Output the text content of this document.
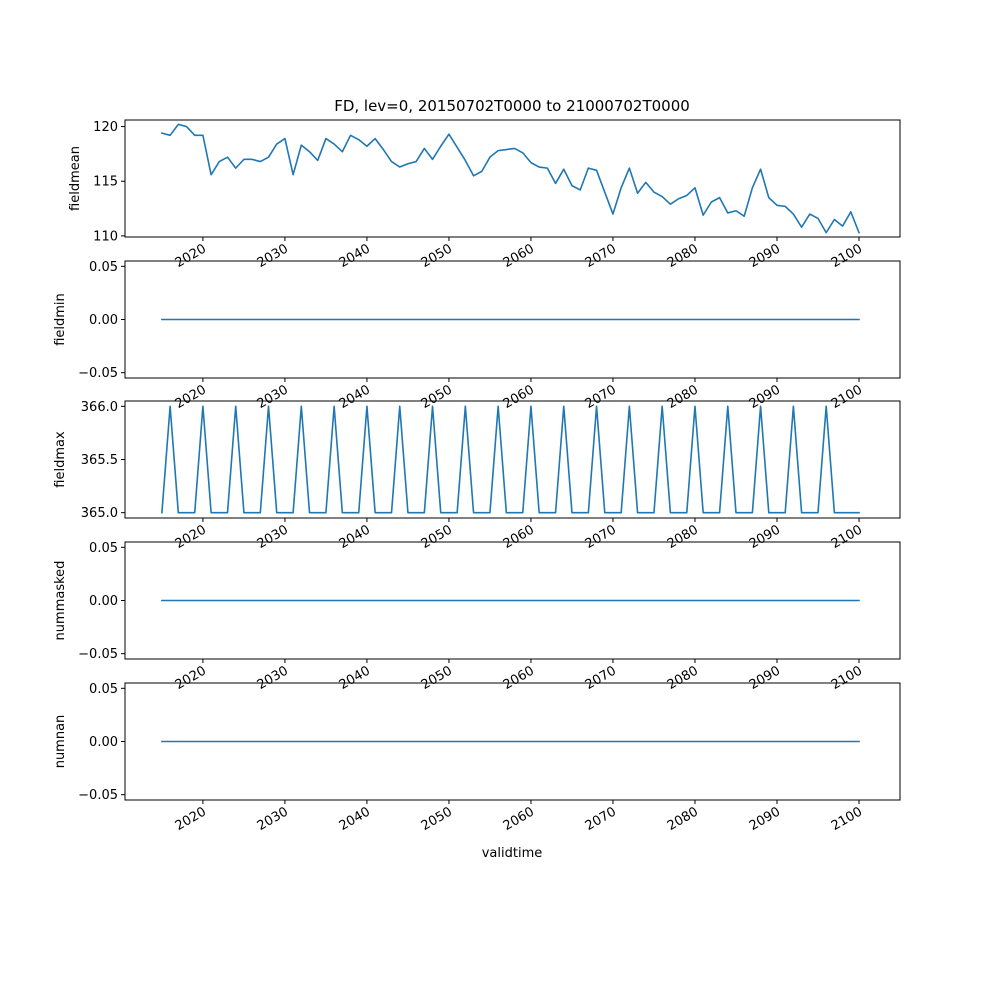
FD, lev=0, 20150702T0000 to 21000702T0000
110
115
120
fieldmean
2020	2030	2040	2050	2060	2070	2080	2090	2100
−0.05
0.00
0.05
fieldmin
2020	2030	2040	2050	2060	2070	2080	2090	2100
365.0
365.5
366.0
fieldmax
2020	2030	2040	2050	2060	2070	2080	2090	2100
−0.05
0.00
0.05
nummasked
2020	2030	2040	2050	2060	2070	2080	2090	2100
−0.05
0.00
0.05
numnan
2020	2030	2040	2050	2060	2070	2080	2090	2100
validtime
